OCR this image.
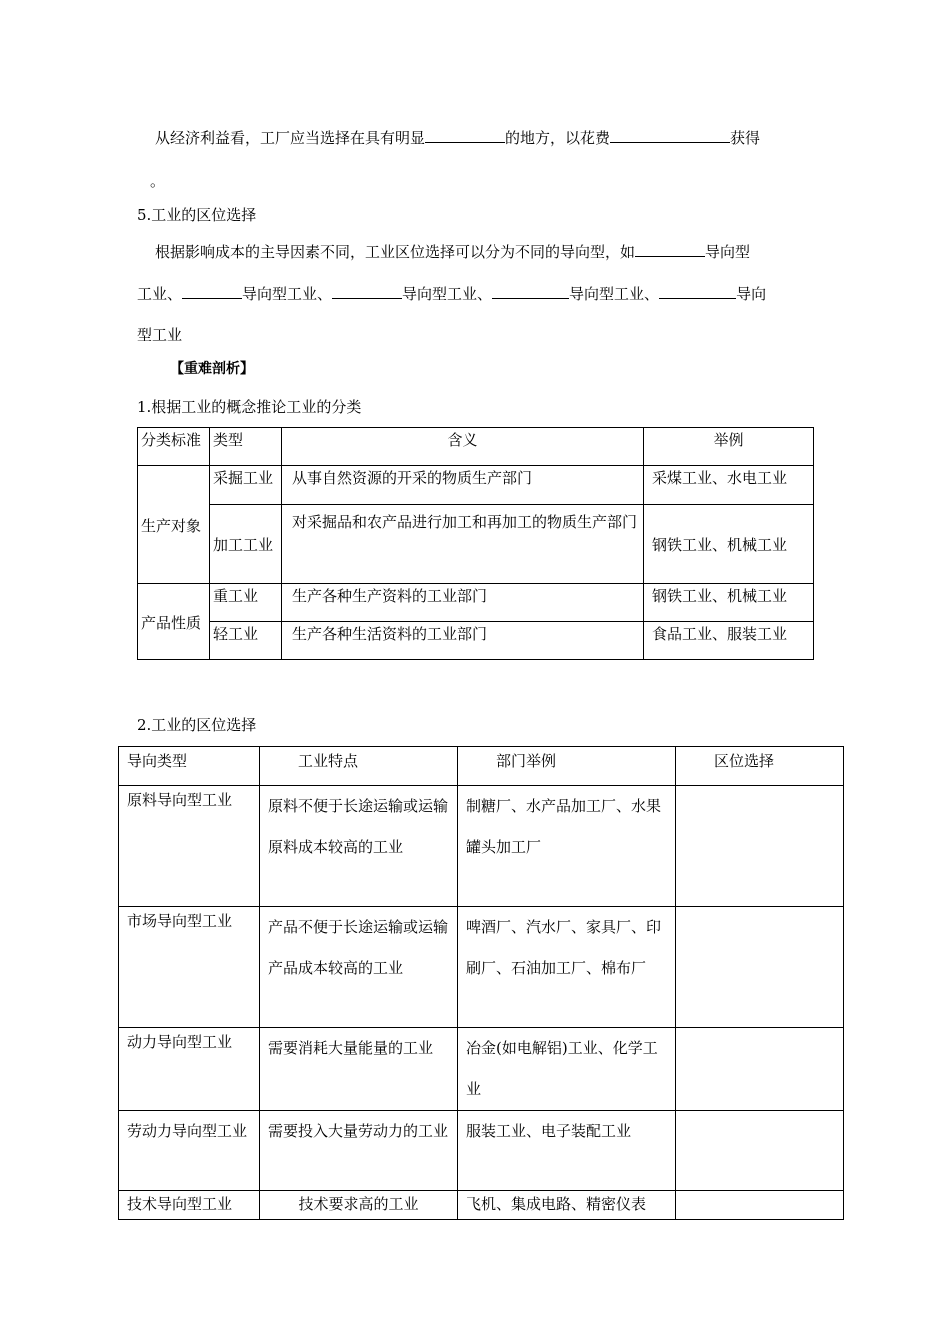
从经济利益看，工厂应当选择在具有明显	的地方，以花费	获得
。
5.工业的区位选择
根据影响成本的主导因素不同，工业区位选择可以分为不同的导向型，如	导向型
工业、	导向型工业、	导向型工业、	导向型工业、	导向
型工业
【重难剖析】
1.根据工业的概念推论工业的分类
分类标准	类型	含义	举例

生产对象	采掘工业	从事自然资源的开采的物质生产部门	采煤工业、水电工业

	加工工业	对采掘品和农产品进行加工和再加工的物质生产部门	钢铁工业、机械工业

产品性质	重工业	生产各种生产资料的工业部门	钢铁工业、机械工业

	轻工业	生产各种生活资料的工业部门	食品工业、服装工业
2.工业的区位选择
导向类型	工业特点	部门举例	区位选择

原料导向型工业	原料不便于长途运输或运输原料成本较高的工业	制糖厂、水产品加工厂、水果罐头加工厂	

市场导向型工业	产品不便于长途运输或运输产品成本较高的工业	啤酒厂、汽水厂、家具厂、印刷厂、石油加工厂、棉布厂	

动力导向型工业	需要消耗大量能量的工业	冶金(如电解铝)工业、化学工业	

劳动力导向型工业	需要投入大量劳动力的工业	服装工业、电子装配工业	

技术导向型工业	技术要求高的工业	飞机、集成电路、精密仪表	
